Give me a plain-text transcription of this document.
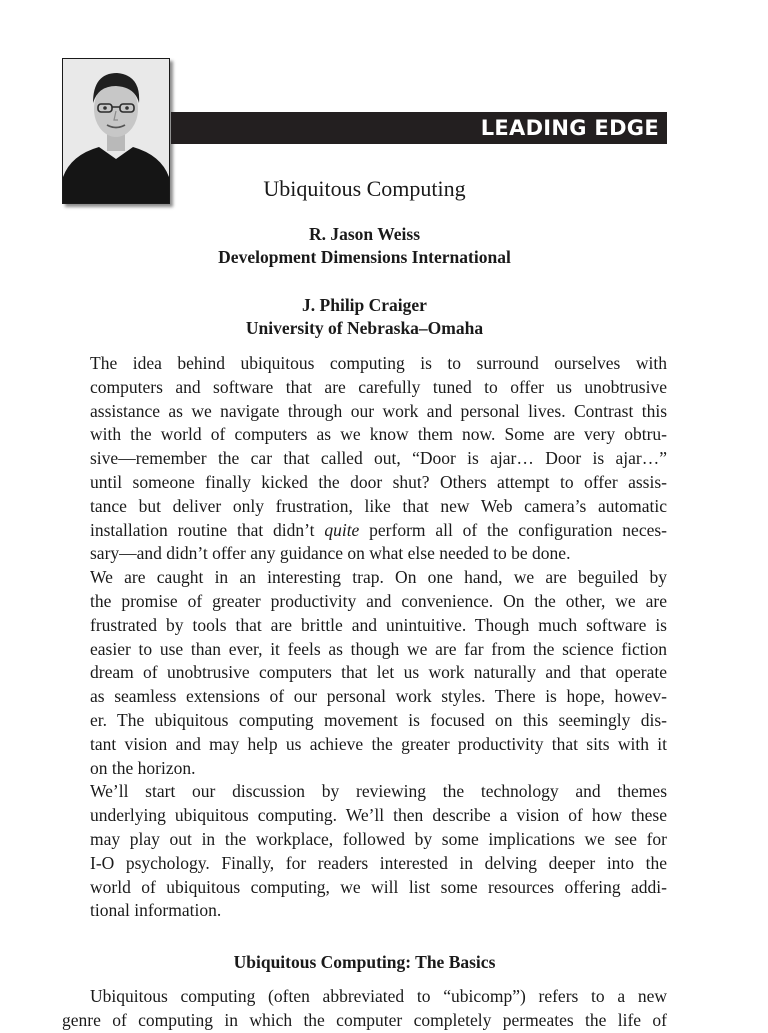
LEADING EDGE
Ubiquitous Computing
R. Jason Weiss
Development Dimensions International
J. Philip Craiger
University of Nebraska–Omaha

The idea behind ubiquitous computing is to surround ourselves with
computers and software that are carefully tuned to offer us unobtrusive
assistance as we navigate through our work and personal lives. Contrast this
with the world of computers as we know them now. Some are very obtru-
sive—remember the car that called out, “Door is ajar… Door is ajar…”
until someone finally kicked the door shut? Others attempt to offer assis-
tance but deliver only frustration, like that new Web camera’s automatic
installation routine that didn’t quite perform all of the configuration neces-
sary—and didn’t offer any guidance on what else needed to be done.

We are caught in an interesting trap. On one hand, we are beguiled by
the promise of greater productivity and convenience. On the other, we are
frustrated by tools that are brittle and unintuitive. Though much software is
easier to use than ever, it feels as though we are far from the science fiction
dream of unobtrusive computers that let us work naturally and that operate
as seamless extensions of our personal work styles. There is hope, howev-
er. The ubiquitous computing movement is focused on this seemingly dis-
tant vision and may help us achieve the greater productivity that sits with it
on the horizon.

We’ll start our discussion by reviewing the technology and themes
underlying ubiquitous computing. We’ll then describe a vision of how these
may play out in the workplace, followed by some implications we see for
I-O psychology. Finally, for readers interested in delving deeper into the
world of ubiquitous computing, we will list some resources offering addi-
tional information.

Ubiquitous Computing: The Basics
Ubiquitous computing (often abbreviated to “ubicomp”) refers to a new
genre of computing in which the computer completely permeates the life of
